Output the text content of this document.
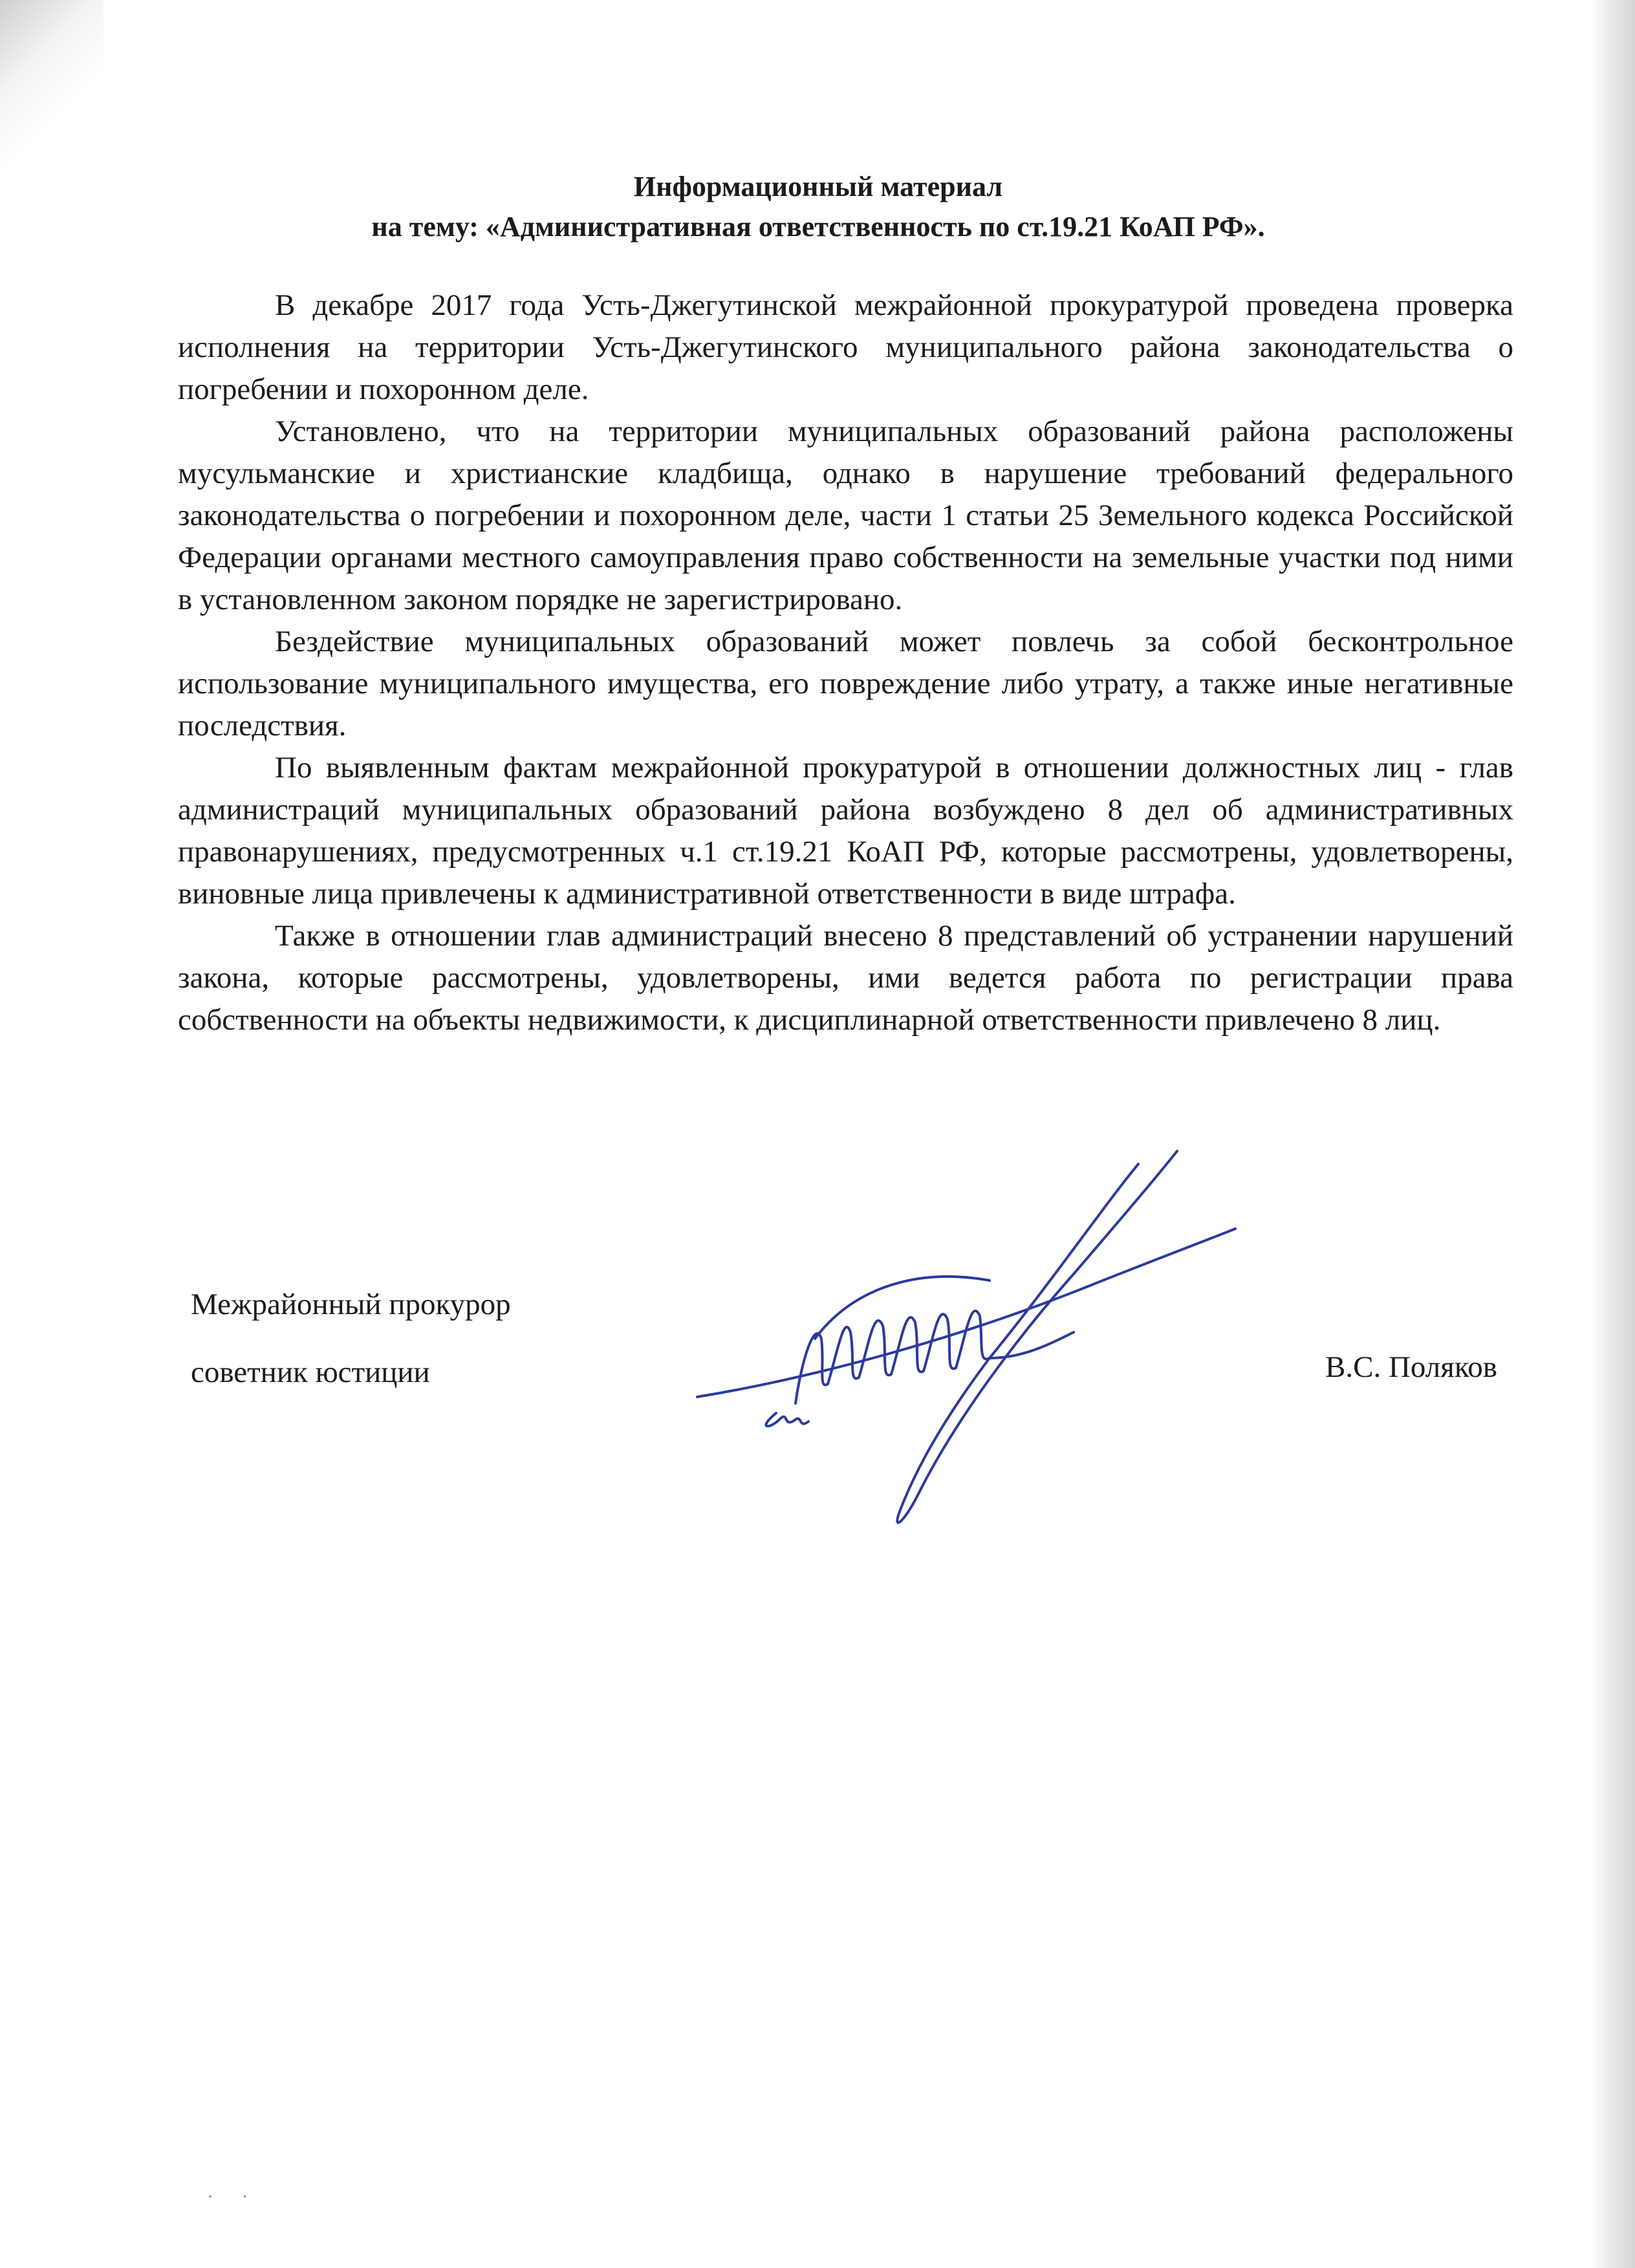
Информационный материал
на тему: «Административная ответственность по ст.19.21 КоАП РФ».

В декабре 2017 года Усть-Джегутинской межрайонной прокуратурой проведена проверка исполнения на территории Усть-Джегутинского муниципального района законодательства о погребении и похоронном деле.

Установлено, что на территории муниципальных образований района расположены мусульманские и христианские кладбища, однако в нарушение требований федерального законодательства о погребении и похоронном деле, части 1 статьи 25 Земельного кодекса Российской Федерации органами местного самоуправления право собственности на земельные участки под ними в установленном законом порядке не зарегистрировано.

Бездействие муниципальных образований может повлечь за собой бесконтрольное использование муниципального имущества, его повреждение либо утрату, а также иные негативные последствия.

По выявленным фактам межрайонной прокуратурой в отношении должностных лиц - глав администраций муниципальных образований района возбуждено 8 дел об административных правонарушениях, предусмотренных ч.1 ст.19.21 КоАП РФ, которые рассмотрены, удовлетворены, виновные лица привлечены к административной ответственности в виде штрафа.

Также в отношении глав администраций внесено 8 представлений об устранении нарушений закона, которые рассмотрены, удовлетворены, ими ведется работа по регистрации права собственности на объекты недвижимости, к дисциплинарной ответственности привлечено 8 лиц.

Межрайонный прокурор
советник юстиции	В.С. Поляков
· ·
